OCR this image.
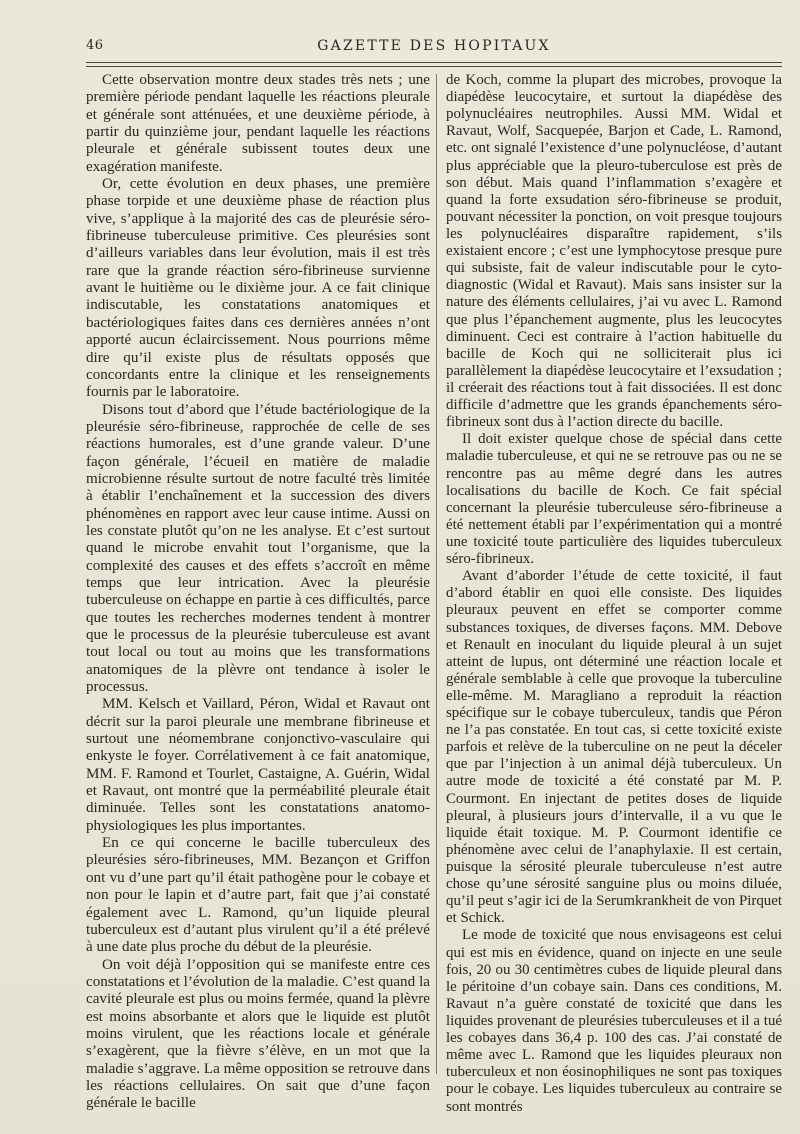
46	GAZETTE DES HOPITAUX

Cette observation montre deux stades très nets ; une première période pendant laquelle les réactions pleurale et générale sont atténuées, et une deuxième période, à partir du quinzième jour, pendant laquelle les réactions pleurale et générale subissent toutes deux une exagération manifeste.

Or, cette évolution en deux phases, une première phase torpide et une deuxième phase de réaction plus vive, s’applique à la majorité des cas de pleurésie séro-fibrineuse tuberculeuse primitive. Ces pleurésies sont d’ailleurs variables dans leur évolution, mais il est très rare que la grande réaction séro-fibrineuse survienne avant le huitième ou le dixième jour. A ce fait clinique indiscutable, les constatations anatomiques et bactériologiques faites dans ces dernières années n’ont apporté aucun éclaircissement. Nous pourrions même dire qu’il existe plus de résultats opposés que concordants entre la clinique et les renseignements fournis par le laboratoire.

Disons tout d’abord que l’étude bactériologique de la pleurésie séro-fibrineuse, rapprochée de celle de ses réactions humorales, est d’une grande valeur. D’une façon générale, l’écueil en matière de maladie microbienne résulte surtout de notre faculté très limitée à établir l’enchaînement et la succession des divers phénomènes en rapport avec leur cause intime. Aussi on les constate plutôt qu’on ne les analyse. Et c’est surtout quand le microbe envahit tout l’organisme, que la complexité des causes et des effets s’accroît en même temps que leur intrication. Avec la pleurésie tuberculeuse on échappe en partie à ces difficultés, parce que toutes les recherches modernes tendent à montrer que le processus de la pleurésie tuberculeuse est avant tout local ou tout au moins que les transformations anatomiques de la plèvre ont tendance à isoler le processus.

MM. Kelsch et Vaillard, Péron, Widal et Ravaut ont décrit sur la paroi pleurale une membrane fibrineuse et surtout une néomembrane conjonctivo-vasculaire qui enkyste le foyer. Corrélativement à ce fait anatomique, MM. F. Ramond et Tourlet, Castaigne, A. Guérin, Widal et Ravaut, ont montré que la perméabilité pleurale était diminuée. Telles sont les constatations anatomo-physiologiques les plus importantes.

En ce qui concerne le bacille tuberculeux des pleurésies séro-fibrineuses, MM. Bezançon et Griffon ont vu d’une part qu’il était pathogène pour le cobaye et non pour le lapin et d’autre part, fait que j’ai constaté également avec L. Ramond, qu’un liquide pleural tuberculeux est d’autant plus virulent qu’il a été prélevé à une date plus proche du début de la pleurésie.

On voit déjà l’opposition qui se manifeste entre ces constatations et l’évolution de la maladie. C’est quand la cavité pleurale est plus ou moins fermée, quand la plèvre est moins absorbante et alors que le liquide est plutôt moins virulent, que les réactions locale et générale s’exagèrent, que la fièvre s’élève, en un mot que la maladie s’aggrave. La même opposition se retrouve dans les réactions cellulaires. On sait que d’une façon générale le bacille

de Koch, comme la plupart des microbes, provoque la diapédèse leucocytaire, et surtout la diapédèse des polynucléaires neutrophiles. Aussi MM. Widal et Ravaut, Wolf, Sacquepée, Barjon et Cade, L. Ramond, etc. ont signalé l’existence d’une polynucléose, d’autant plus appréciable que la pleuro-tuberculose est près de son début. Mais quand l’inflammation s’exagère et quand la forte exsudation séro-fibrineuse se produit, pouvant nécessiter la ponction, on voit presque toujours les polynucléaires disparaître rapidement, s’ils existaient encore ; c’est une lymphocytose presque pure qui subsiste, fait de valeur indiscutable pour le cyto-diagnostic (Widal et Ravaut). Mais sans insister sur la nature des éléments cellulaires, j’ai vu avec L. Ramond que plus l’épanchement augmente, plus les leucocytes diminuent. Ceci est contraire à l’action habituelle du bacille de Koch qui ne solliciterait plus ici parallèlement la diapédèse leucocytaire et l’exsudation ; il créerait des réactions tout à fait dissociées. Il est donc difficile d’admettre que les grands épanchements séro-fibrineux sont dus à l’action directe du bacille.

Il doit exister quelque chose de spécial dans cette maladie tuberculeuse, et qui ne se retrouve pas ou ne se rencontre pas au même degré dans les autres localisations du bacille de Koch. Ce fait spécial concernant la pleurésie tuberculeuse séro-fibrineuse a été nettement établi par l’expérimentation qui a montré une toxicité toute particulière des liquides tuberculeux séro-fibrineux.

Avant d’aborder l’étude de cette toxicité, il faut d’abord établir en quoi elle consiste. Des liquides pleuraux peuvent en effet se comporter comme substances toxiques, de diverses façons. MM. Debove et Renault en inoculant du liquide pleural à un sujet atteint de lupus, ont déterminé une réaction locale et générale semblable à celle que provoque la tuberculine elle-même. M. Maragliano a reproduit la réaction spécifique sur le cobaye tuberculeux, tandis que Péron ne l’a pas constatée. En tout cas, si cette toxicité existe parfois et relève de la tuberculine on ne peut la déceler que par l’injection à un animal déjà tuberculeux. Un autre mode de toxicité a été constaté par M. P. Courmont. En injectant de petites doses de liquide pleural, à plusieurs jours d’intervalle, il a vu que le liquide était toxique. M. P. Courmont identifie ce phénomène avec celui de l’anaphylaxie. Il est certain, puisque la sérosité pleurale tuberculeuse n’est autre chose qu’une sérosité sanguine plus ou moins diluée, qu’il peut s’agir ici de la Serumkrankheit de von Pirquet et Schick.

Le mode de toxicité que nous envisageons est celui qui est mis en évidence, quand on injecte en une seule fois, 20 ou 30 centimètres cubes de liquide pleural dans le péritoine d’un cobaye sain. Dans ces conditions, M. Ravaut n’a guère constaté de toxicité que dans les liquides provenant de pleurésies tuberculeuses et il a tué les cobayes dans 36,4 p. 100 des cas. J’ai constaté de même avec L. Ramond que les liquides pleuraux non tuberculeux et non éosinophiliques ne sont pas toxiques pour le cobaye. Les liquides tuberculeux au contraire se sont montrés
